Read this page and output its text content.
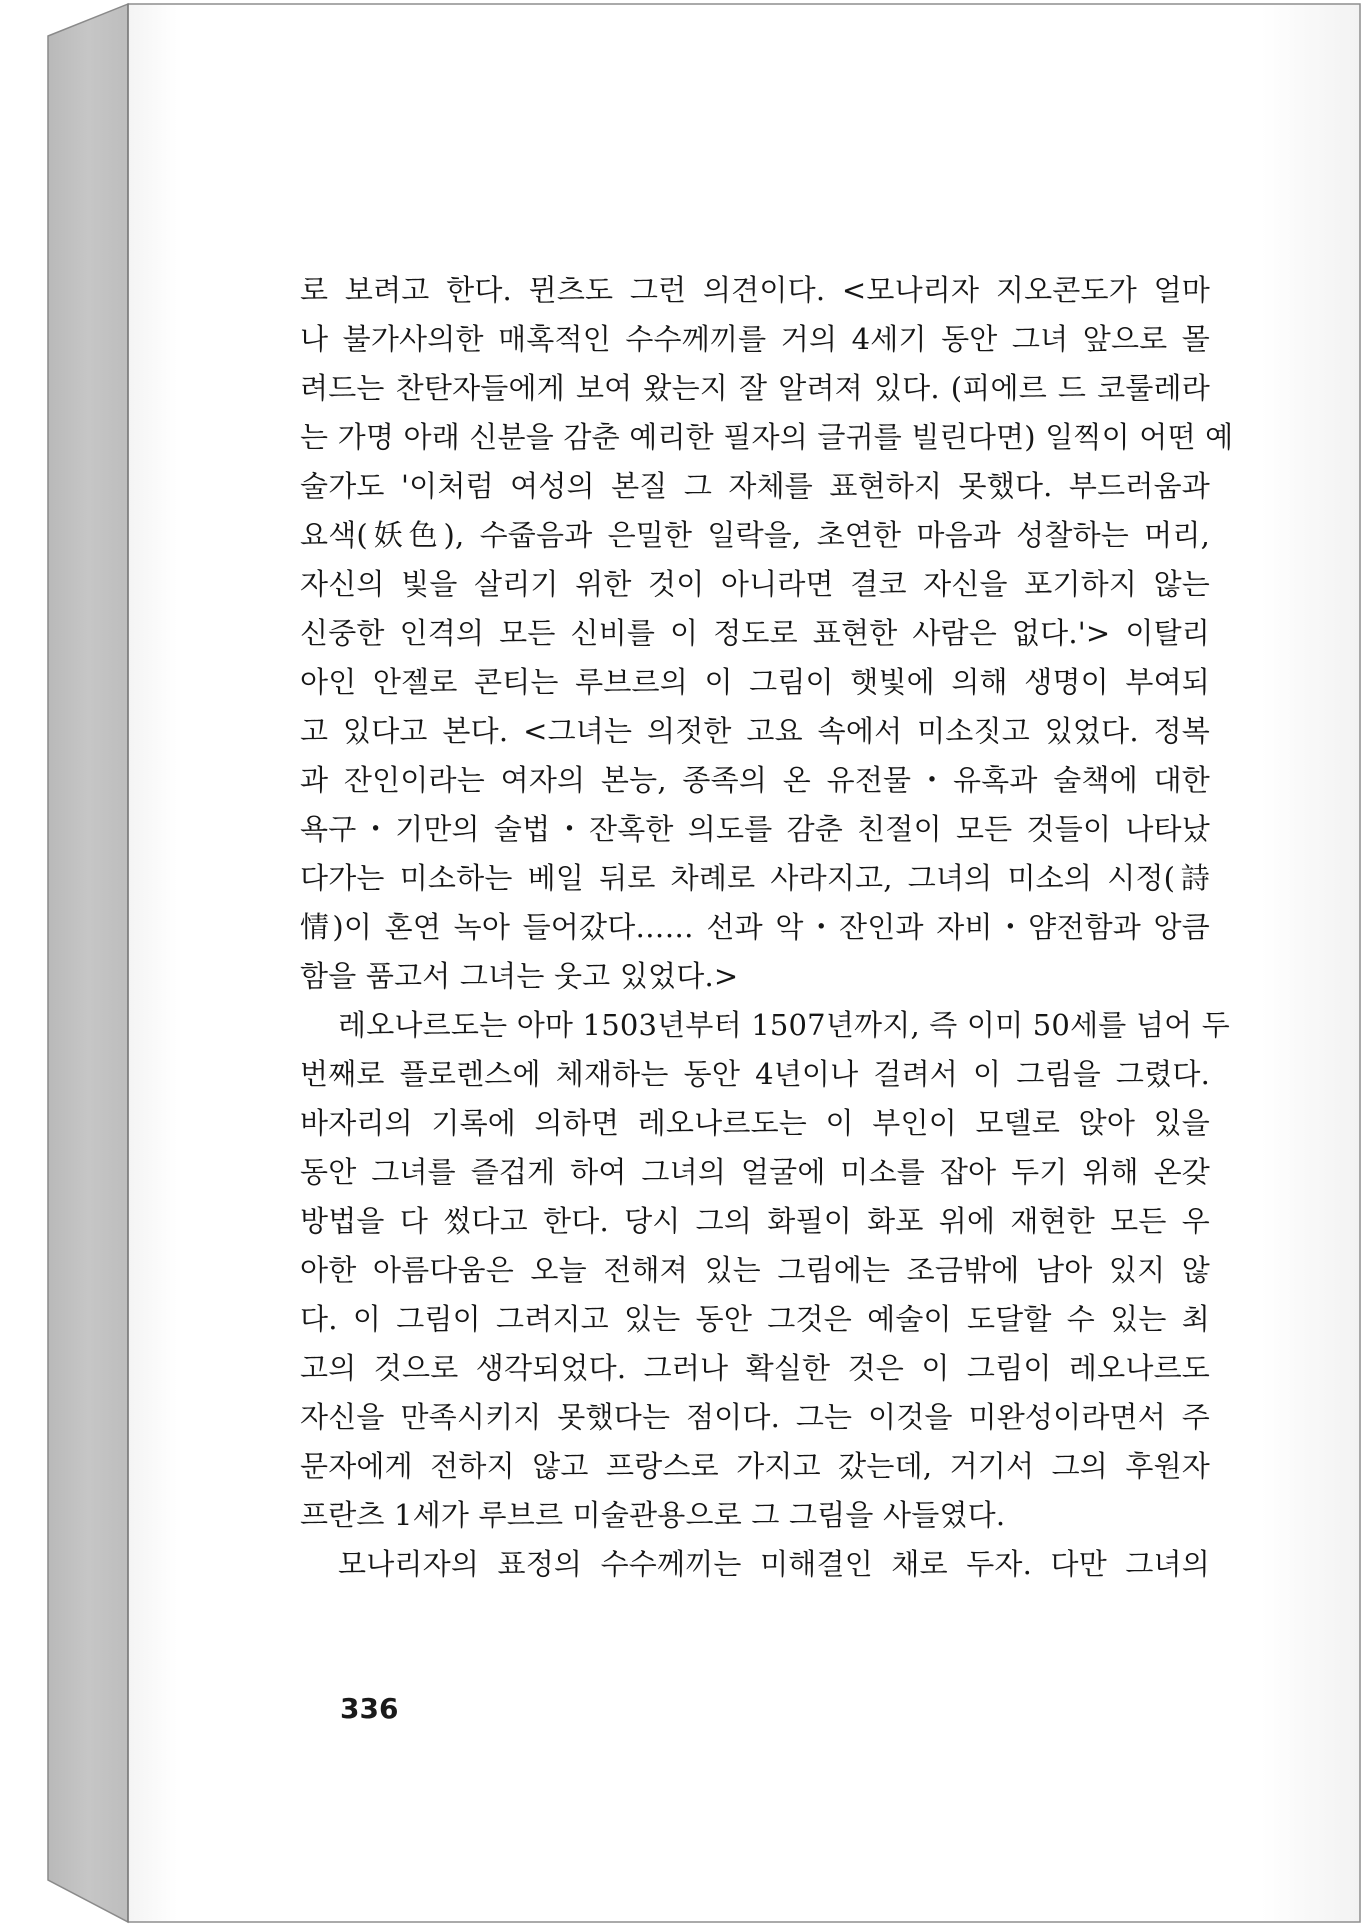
로 보려고 한다. 뮌츠도 그런 의견이다. <모나리자 지오콘도가 얼마
나 불가사의한 매혹적인 수수께끼를 거의 4세기 동안 그녀 앞으로 몰
려드는 찬탄자들에게 보여 왔는지 잘 알려져 있다. (피에르 드 코룰레라
는 가명 아래 신분을 감춘 예리한 필자의 글귀를 빌린다면) 일찍이 어떤 예
술가도 '이처럼 여성의 본질 그 자체를 표현하지 못했다. 부드러움과
요색(妖色), 수줍음과 은밀한 일락을, 초연한 마음과 성찰하는 머리,
자신의 빛을 살리기 위한 것이 아니라면 결코 자신을 포기하지 않는
신중한 인격의 모든 신비를 이 정도로 표현한 사람은 없다.'> 이탈리
아인 안젤로 콘티는 루브르의 이 그림이 햇빛에 의해 생명이 부여되
고 있다고 본다. <그녀는 의젓한 고요 속에서 미소짓고 있었다. 정복
과 잔인이라는 여자의 본능, 종족의 온 유전물・유혹과 술책에 대한
욕구・기만의 술법・잔혹한 의도를 감춘 친절이 모든 것들이 나타났
다가는 미소하는 베일 뒤로 차례로 사라지고, 그녀의 미소의 시정(詩
情)이 혼연 녹아 들어갔다…… 선과 악・잔인과 자비・얌전함과 앙큼
함을 품고서 그녀는 웃고 있었다.>
레오나르도는 아마 1503년부터 1507년까지, 즉 이미 50세를 넘어 두
번째로 플로렌스에 체재하는 동안 4년이나 걸려서 이 그림을 그렸다.
바자리의 기록에 의하면 레오나르도는 이 부인이 모델로 앉아 있을
동안 그녀를 즐겁게 하여 그녀의 얼굴에 미소를 잡아 두기 위해 온갖
방법을 다 썼다고 한다. 당시 그의 화필이 화포 위에 재현한 모든 우
아한 아름다움은 오늘 전해져 있는 그림에는 조금밖에 남아 있지 않
다. 이 그림이 그려지고 있는 동안 그것은 예술이 도달할 수 있는 최
고의 것으로 생각되었다. 그러나 확실한 것은 이 그림이 레오나르도
자신을 만족시키지 못했다는 점이다. 그는 이것을 미완성이라면서 주
문자에게 전하지 않고 프랑스로 가지고 갔는데, 거기서 그의 후원자
프란츠 1세가 루브르 미술관용으로 그 그림을 사들였다.
모나리자의 표정의 수수께끼는 미해결인 채로 두자. 다만 그녀의
336
